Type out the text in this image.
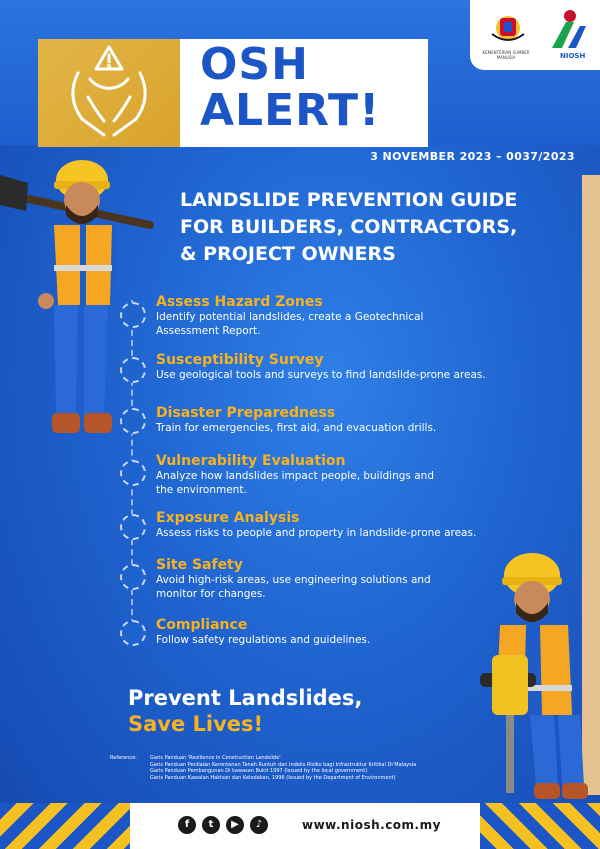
KEMENTERIAN SUMBER MANUSIA	NIOSH
OSH
ALERT!
3 NOVEMBER 2023 – 0037/2023
LANDSLIDE PREVENTION GUIDE
FOR BUILDERS, CONTRACTORS,
& PROJECT OWNERS
Assess Hazard Zones
Identify potential landslides, create a Geotechnical
Assessment Report.
Susceptibility Survey
Use geological tools and surveys to find landslide-prone areas.
Disaster Preparedness
Train for emergencies, first aid, and evacuation drills.
Vulnerability Evaluation
Analyze how landslides impact people, buildings and
the environment.
Exposure Analysis
Assess risks to people and property in landslide-prone areas.
Site Safety
Avoid high-risk areas, use engineering solutions and
monitor for changes.
Compliance
Follow safety regulations and guidelines.
Prevent Landslides,
Save Lives!
Reference:	Garis Panduan 'Resilience in Construction Landslide'
Garis Panduan Penilaian Kerentanan Tanah Runtuh dan Indeks Risiko bagi Infrastruktur Kritikal Di Malaysia
Garis Panduan Pembangunan Di kawasan Bukit 1997 (Issued by the local government)
Garis Panduan Kawalan Hakisan dan Kelodakan, 1996 (Issued by the Department of Environment)
f	t	▶	♪	www.niosh.com.my
